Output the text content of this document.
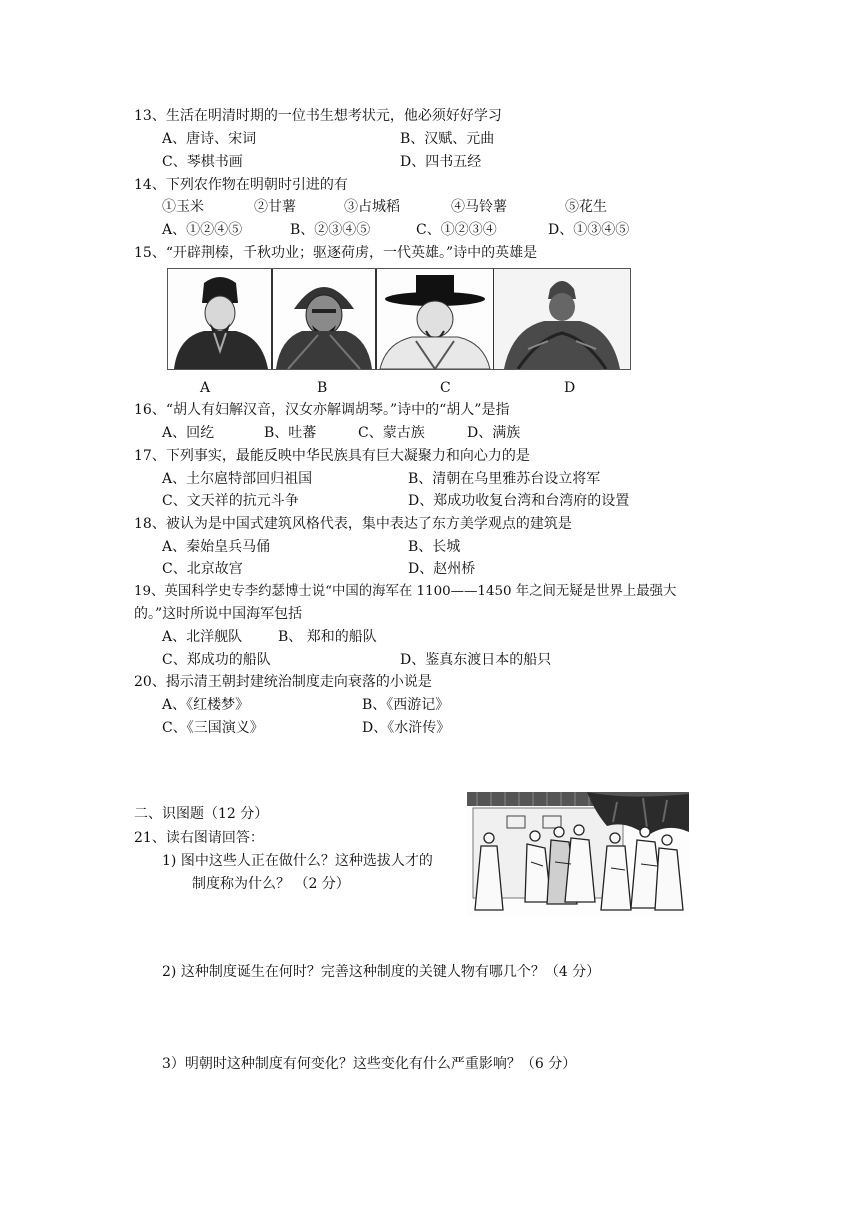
13、生活在明清时期的一位书生想考状元，他必须好好学习
A、唐诗、宋词	B、汉赋、元曲
C、琴棋书画	D、四书五经
14、下列农作物在明朝时引进的有
①玉米	②甘薯	③占城稻	④马铃薯	⑤花生
A、①②④⑤	B、②③④⑤	C、①②③④	D、①③④⑤
15、“开辟荆榛，千秋功业；驱逐荷虏，一代英雄。”诗中的英雄是
A	B	C	D
16、“胡人有妇解汉音，汉女亦解调胡琴。”诗中的“胡人”是指
A、回纥	B、吐蕃	C、蒙古族	D、满族
17、下列事实，最能反映中华民族具有巨大凝聚力和向心力的是
A、土尔扈特部回归祖国	B、清朝在乌里雅苏台设立将军
C、文天祥的抗元斗争	D、郑成功收复台湾和台湾府的设置
18、被认为是中国式建筑风格代表，集中表达了东方美学观点的建筑是
A、秦始皇兵马俑	B、长城
C、北京故宫	D、赵州桥
19、英国科学史专李约瑟博士说“中国的海军在 1100——1450 年之间无疑是世界上最强大
的。”这时所说中国海军包括
A、北洋舰队	B、 郑和的船队
C、郑成功的船队	D、鉴真东渡日本的船只
20、揭示清王朝封建统治制度走向衰落的小说是
A、《红楼梦》	B、《西游记》
C、《三国演义》	D、《水浒传》
二、识图题（12 分）
21、读右图请回答：
1) 图中这些人正在做什么？这种选拔人才的
制度称为什么？ （2 分）
2) 这种制度诞生在何时？完善这种制度的关键人物有哪几个？（4 分）
3）明朝时这种制度有何变化？这些变化有什么严重影响？（6 分）
